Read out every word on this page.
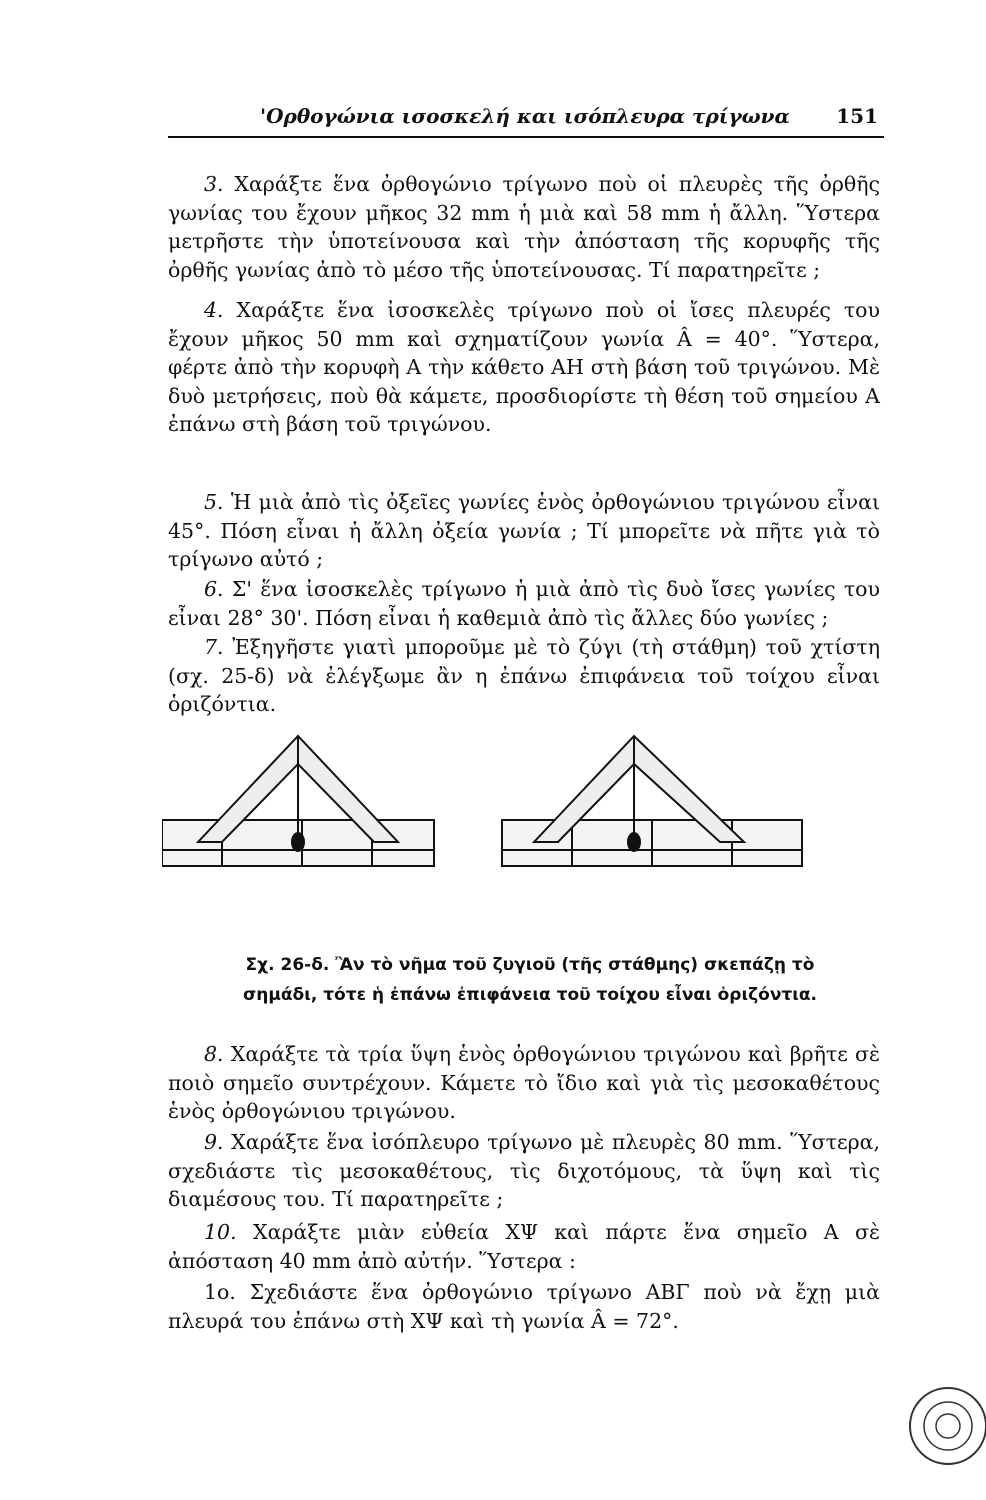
'Ορθογώνια ισοσκελή και ισόπλευρα τρίγωνα 151
3. Χαράξτε ἕνα ὀρθογώνιο τρίγωνο ποὺ οἱ πλευρὲς τῆς ὀρθῆς γωνίας του ἔχουν μῆκος 32 mm ἡ μιὰ καὶ 58 mm ἡ ἄλλη. Ὕστερα μετρῆστε τὴν ὑποτείνουσα καὶ τὴν ἀπόσταση τῆς κορυφῆς τῆς ὀρθῆς γωνίας ἀπὸ τὸ μέσο τῆς ὑποτείνουσας. Τί παρατηρεῖτε ;
4. Χαράξτε ἕνα ἰσοσκελὲς τρίγωνο ποὺ οἱ ἴσες πλευρές του ἔχουν μῆκος 50 mm καὶ σχηματίζουν γωνία Â = 40°. Ὕστερα, φέρτε ἀπὸ τὴν κορυφὴ Α τὴν κάθετο ΑΗ στὴ βάση τοῦ τριγώνου. Μὲ δυὸ μετρήσεις, ποὺ θὰ κάμετε, προσδιορίστε τὴ θέση τοῦ σημείου Α ἐπάνω στὴ βάση τοῦ τριγώνου.
5. Ἡ μιὰ ἀπὸ τὶς ὀξεῖες γωνίες ἑνὸς ὀρθογώνιου τριγώνου εἶναι 45°. Πόση εἶναι ἡ ἄλλη ὀξεία γωνία ; Τί μπορεῖτε νὰ πῆτε γιὰ τὸ τρίγωνο αὐτό ;
6. Σ' ἕνα ἰσοσκελὲς τρίγωνο ἡ μιὰ ἀπὸ τὶς δυὸ ἴσες γωνίες του εἶναι 28° 30'. Πόση εἶναι ἡ καθεμιὰ ἀπὸ τὶς ἄλλες δύο γωνίες ;
7. Ἐξηγῆστε γιατὶ μποροῦμε μὲ τὸ ζύγι (τὴ στάθμη) τοῦ χτίστη (σχ. 25-δ) νὰ ἐλέγξωμε ἂν η ἐπάνω ἐπιφάνεια τοῦ τοίχου εἶναι ὁριζόντια.
Σχ. 26-δ. Ἂν τὸ νῆμα τοῦ ζυγιοῦ (τῆς στάθμης) σκεπάζῃ τὸ σημάδι, τότε ἡ ἐπάνω ἐπιφάνεια τοῦ τοίχου εἶναι ὁριζόντια.
8. Χαράξτε τὰ τρία ὕψη ἑνὸς ὀρθογώνιου τριγώνου καὶ βρῆτε σὲ ποιὸ σημεῖο συντρέχουν. Κάμετε τὸ ἴδιο καὶ γιὰ τὶς μεσοκαθέτους ἑνὸς ὀρθογώνιου τριγώνου.
9. Χαράξτε ἕνα ἰσόπλευρο τρίγωνο μὲ πλευρὲς 80 mm. Ὕστερα, σχεδιάστε τὶς μεσοκαθέτους, τὶς διχοτόμους, τὰ ὕψη καὶ τὶς διαμέσους του. Τί παρατηρεῖτε ;
10. Χαράξτε μιὰν εὐθεία ΧΨ καὶ πάρτε ἕνα σημεῖο Α σὲ ἀπόσταση 40 mm ἀπὸ αὐτήν. Ὕστερα :
1ο. Σχεδιάστε ἕνα ὀρθογώνιο τρίγωνο ΑΒΓ ποὺ νὰ ἔχῃ μιὰ πλευρά του ἐπάνω στὴ ΧΨ καὶ τὴ γωνία Â = 72°.
